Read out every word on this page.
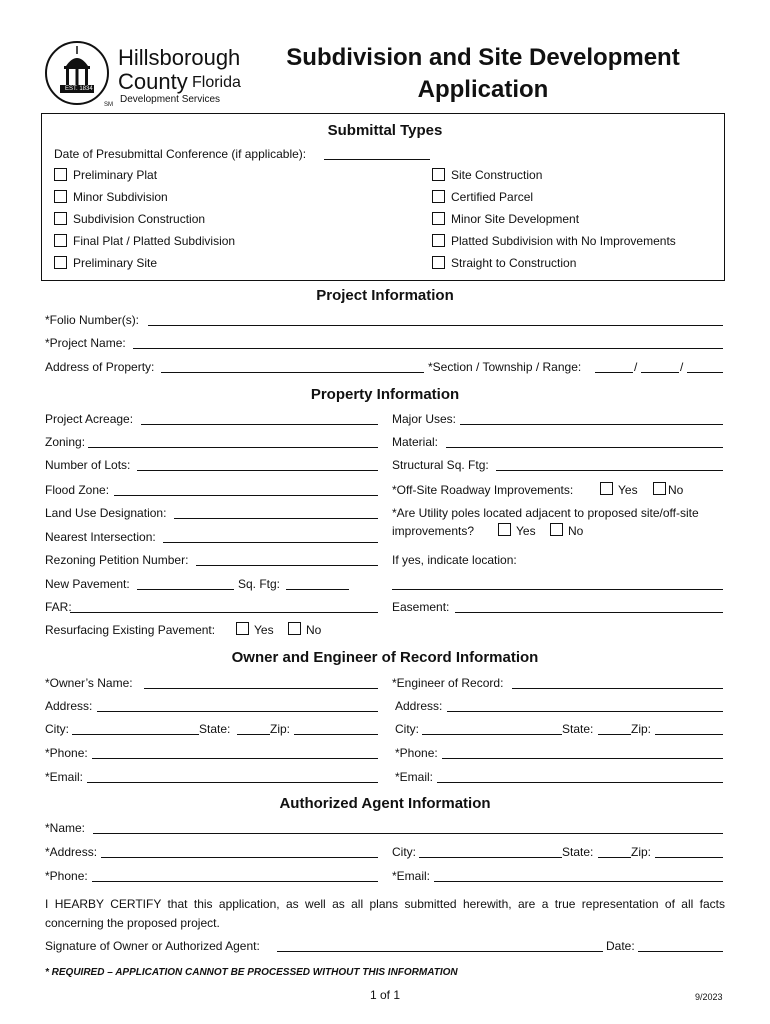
EST. 1834
SM
Hillsborough
County Florida
Development Services
Subdivision and Site Development
Application
Submittal Types
Date of Presubmittal Conference (if applicable):
Preliminary Plat
Minor Subdivision
Subdivision Construction
Final Plat / Platted Subdivision
Preliminary Site
Site Construction
Certified Parcel
Minor Site Development
Platted Subdivision with No Improvements
Straight to Construction
Project Information
*Folio Number(s):
*Project Name:
Address of Property:	*Section / Township / Range:	/	/
Property Information
Project Acreage:	Major Uses:
Zoning:	Material:
Number of Lots:	Structural Sq. Ftg:
Flood Zone:	*Off-Site Roadway Improvements:	Yes	No
Land Use Designation:	*Are Utility poles located adjacent to proposed site/off-site
improvements?	Yes	No
Nearest Intersection:
Rezoning Petition Number:	If yes, indicate location:
New Pavement:	Sq. Ftg:
FAR:	Easement:
Resurfacing Existing Pavement:	Yes	No
Owner and Engineer of Record Information
*Owner’s Name:	*Engineer of Record:
Address:	Address:
City:	State:	Zip:	City:	State:	Zip:
*Phone:	*Phone:
*Email:	*Email:
Authorized Agent Information
*Name:
*Address:	City:	State:	Zip:
*Phone:	*Email:
I HEARBY CERTIFY that this application, as well as all plans submitted herewith, are a true representation of all facts concerning the proposed project.
Signature of Owner or Authorized Agent:	Date:
* REQUIRED – APPLICATION CANNOT BE PROCESSED WITHOUT THIS INFORMATION
1 of 1	9/2023
